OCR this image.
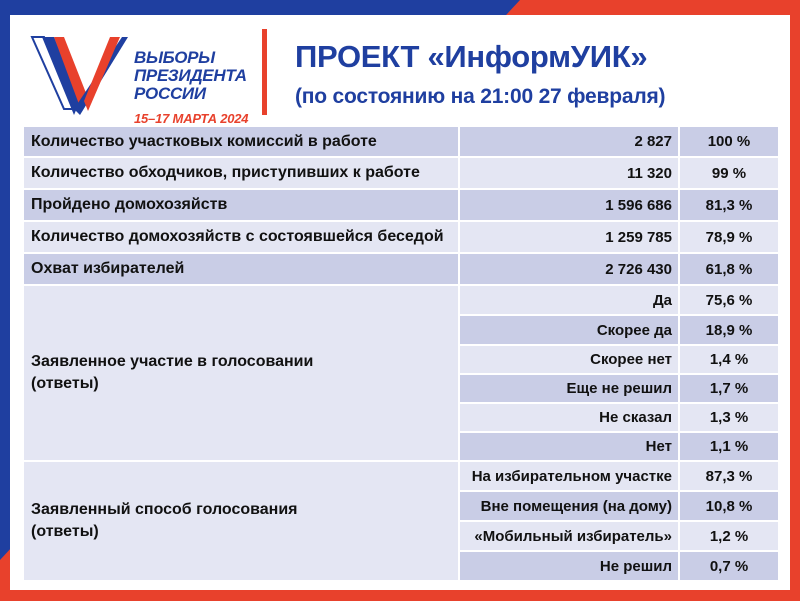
ВЫБОРЫ
ПРЕЗИДЕНТА
РОССИИ
15–17 МАРТА 2024
ПРОЕКТ «ИнформУИК»
(по состоянию на 21:00 27 февраля)
Количество участковых комиссий в работе	2 827	100 %
Количество обходчиков, приступивших к работе	11 320	99 %
Пройдено домохозяйств	1 596 686	81,3 %
Количество домохозяйств с состоявшейся беседой	1 259 785	78,9 %
Охват избирателей	2 726 430	61,8 %
Заявленное участие в голосовании
(ответы)
Да	75,6 %
Скорее да	18,9 %
Скорее нет	1,4 %
Еще не решил	1,7 %
Не сказал	1,3 %
Нет	1,1 %
Заявленный способ голосования
(ответы)
На избирательном участке	87,3 %
Вне помещения (на дому)	10,8 %
«Мобильный избиратель»	1,2 %
Не решил	0,7 %
